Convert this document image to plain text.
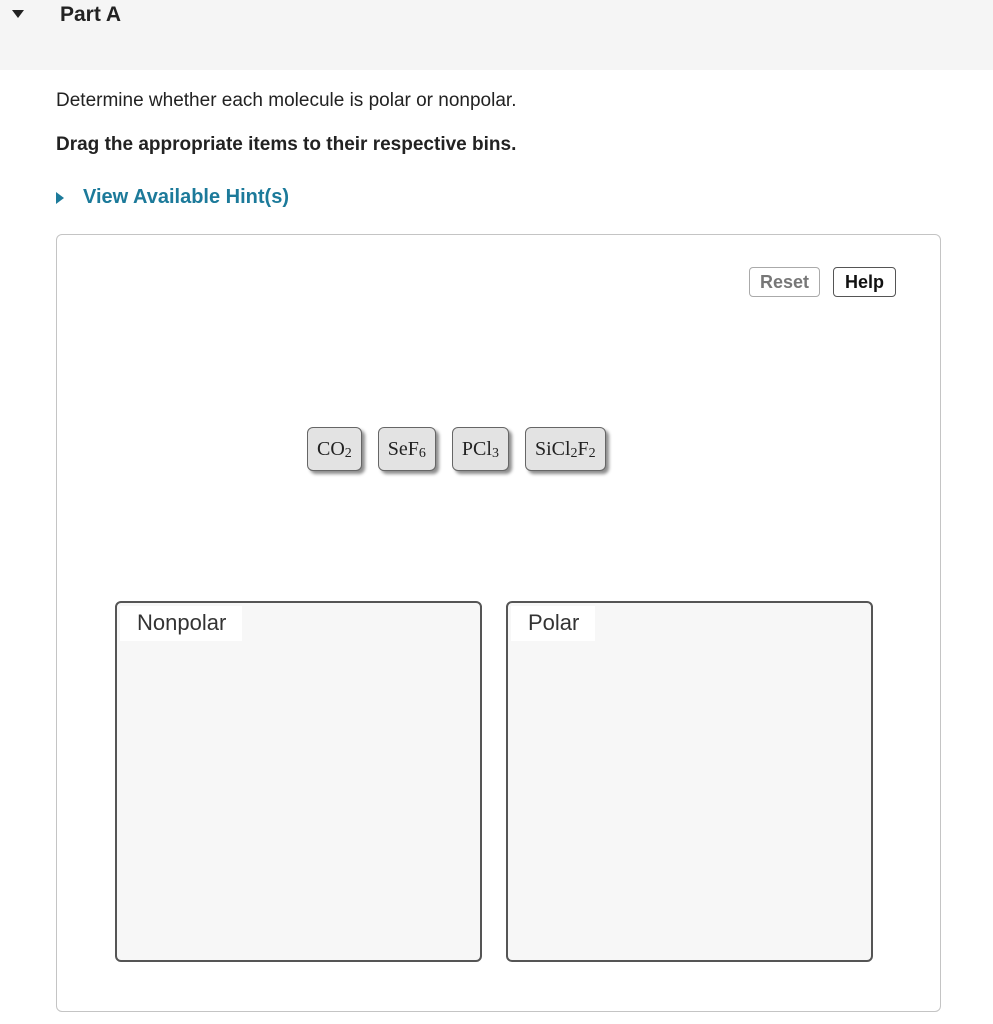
Part A
Determine whether each molecule is polar or nonpolar.
Drag the appropriate items to their respective bins.
View Available Hint(s)
Reset	Help
CO 2 SeF 6 PCl 3 SiCl 2 F 2
Nonpolar	Polar
